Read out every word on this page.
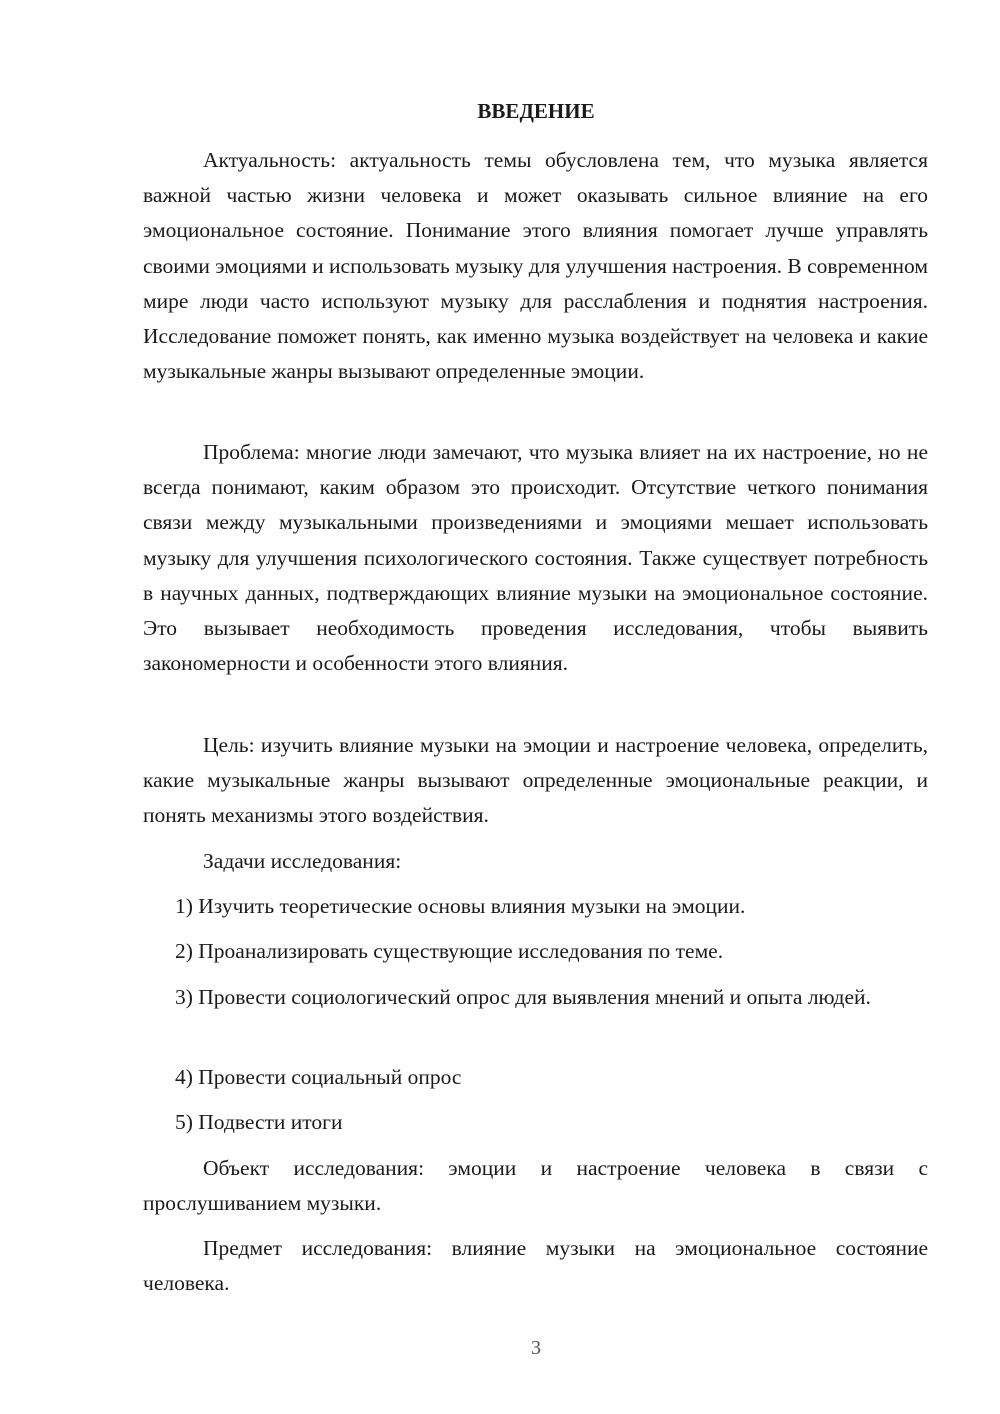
ВВЕДЕНИЕ

Актуальность: актуальность темы обусловлена тем, что музыка является важной частью жизни человека и может оказывать сильное влияние на его эмоциональное состояние. Понимание этого влияния помогает лучше управлять своими эмоциями и использовать музыку для улучшения настроения. В современном мире люди часто используют музыку для расслабления и поднятия настроения. Исследование поможет понять, как именно музыка воздействует на человека и какие музыкальные жанры вызывают определенные эмоции.

Проблема: многие люди замечают, что музыка влияет на их настроение, но не всегда понимают, каким образом это происходит. Отсутствие четкого понимания связи между музыкальными произведениями и эмоциями мешает использовать музыку для улучшения психологического состояния. Также существует потребность в научных данных, подтверждающих влияние музыки на эмоциональное состояние. Это вызывает необходимость проведения исследования, чтобы выявить закономерности и особенности этого влияния.

Цель: изучить влияние музыки на эмоции и настроение человека, определить, какие музыкальные жанры вызывают определенные эмоциональные реакции, и понять механизмы этого воздействия.

Задачи исследования:

1) Изучить теоретические основы влияния музыки на эмоции.

2) Проанализировать существующие исследования по теме.

3) Провести социологический опрос для выявления мнений и опыта людей.

4) Провести социальный опрос

5) Подвести итоги

Объект исследования: эмоции и настроение человека в связи с прослушиванием музыки.

Предмет исследования: влияние музыки на эмоциональное состояние человека.

3
